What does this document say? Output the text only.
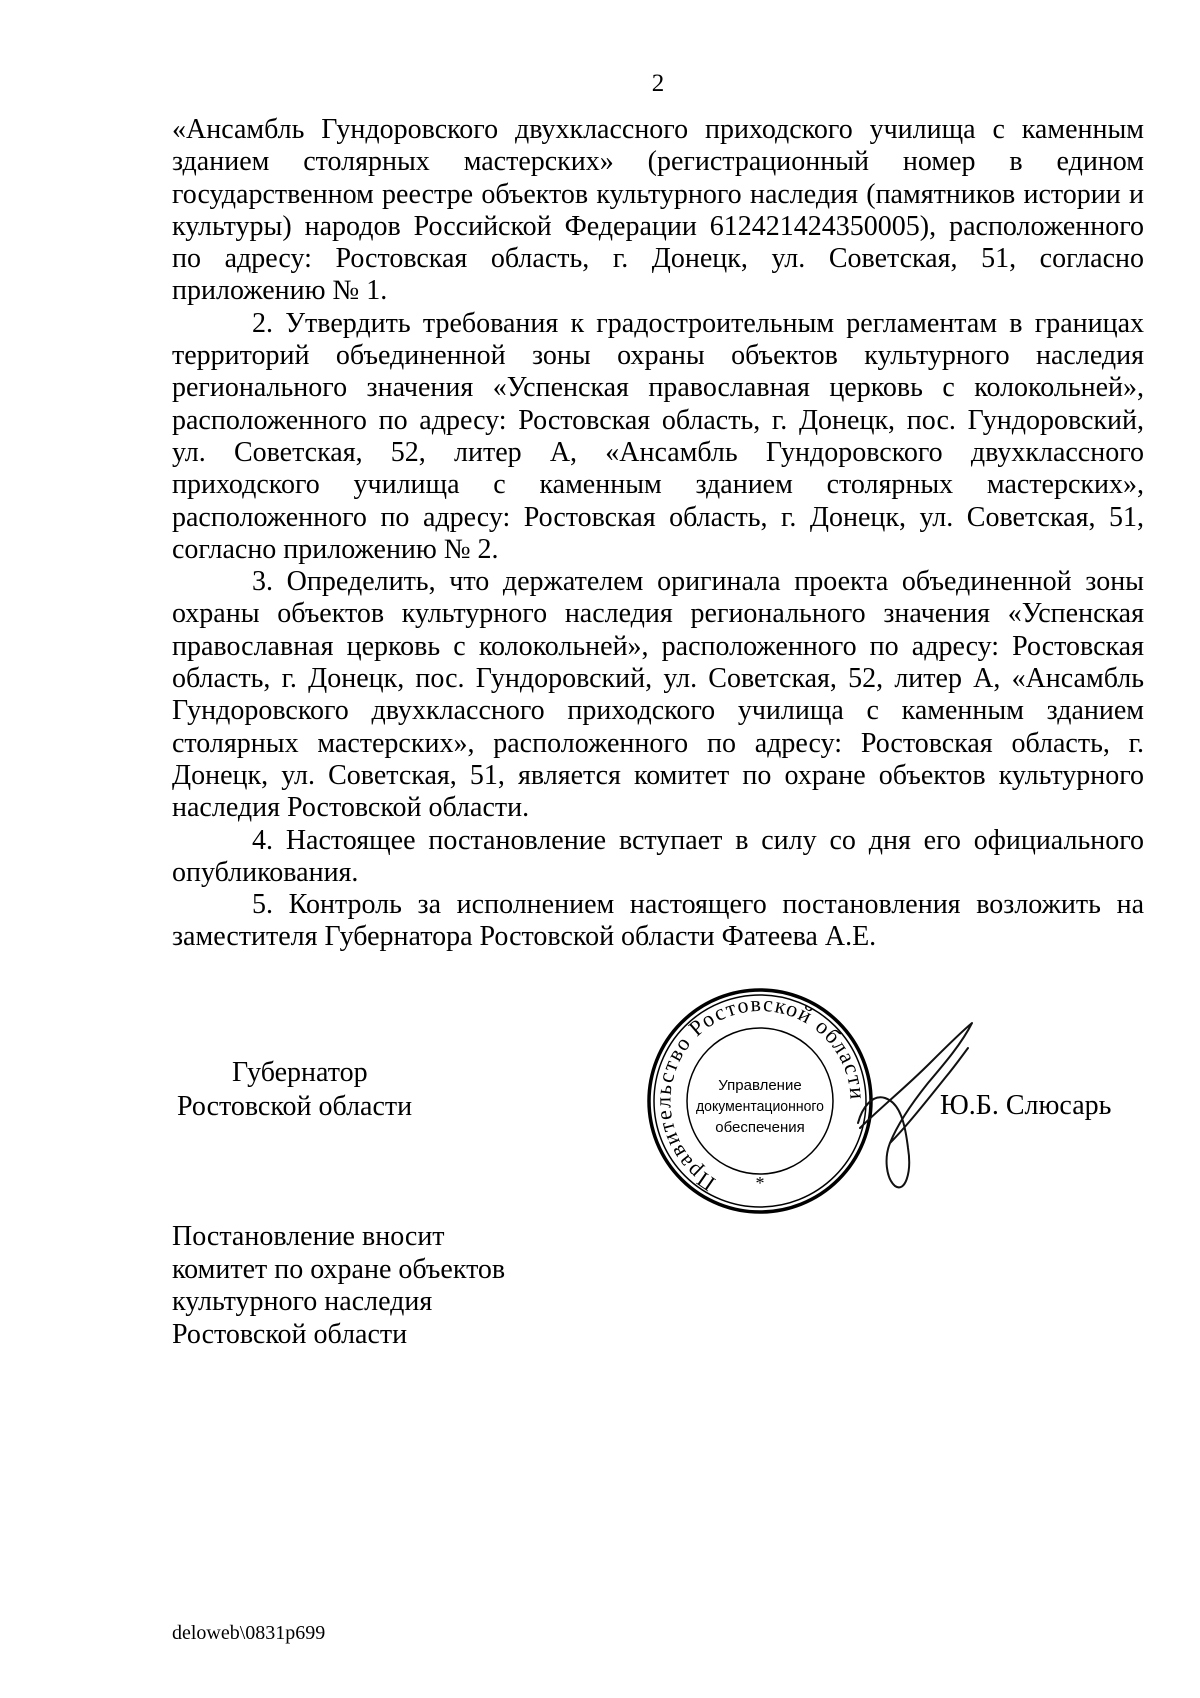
2

«Ансамбль Гундоровского двухклассного приходского училища с каменным зданием столярных мастерских» (регистрационный номер в едином государственном реестре объектов культурного наследия (памятников истории и культуры) народов Российской Федерации 612421424350005), расположенного по адресу: Ростовская область, г. Донецк, ул. Советская, 51, согласно приложению № 1.

2. Утвердить требования к градостроительным регламентам в границах территорий объединенной зоны охраны объектов культурного наследия регионального значения «Успенская православная церковь с колокольней», расположенного по адресу: Ростовская область, г. Донецк, пос. Гундоровский, ул. Советская, 52, литер А, «Ансамбль Гундоровского двухклассного приходского училища с каменным зданием столярных мастерских», расположенного по адресу: Ростовская область, г. Донецк, ул. Советская, 51, согласно приложению № 2.

3. Определить, что держателем оригинала проекта объединенной зоны охраны объектов культурного наследия регионального значения «Успенская православная церковь с колокольней», расположенного по адресу: Ростовская область, г. Донецк, пос. Гундоровский, ул. Советская, 52, литер А, «Ансамбль Гундоровского двухклассного приходского училища с каменным зданием столярных мастерских», расположенного по адресу: Ростовская область, г. Донецк, ул. Советская, 51, является комитет по охране объектов культурного наследия Ростовской области.

4. Настоящее постановление вступает в силу со дня его официального опубликования.

5. Контроль за исполнением настоящего постановления возложить на заместителя Губернатора Ростовской области Фатеева А.Е.

Губернатор
Ростовской области
Правительство Ростовской области
Управление
документационного
обеспечения
*
Ю.Б. Слюсарь
Постановление вносит
комитет по охране объектов
культурного наследия
Ростовской области
deloweb\0831p699
